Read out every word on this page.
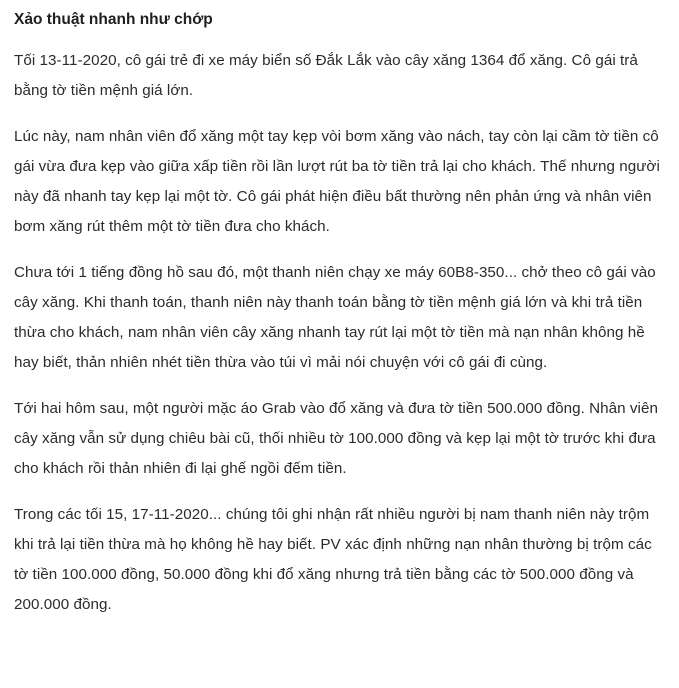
Xảo thuật nhanh như chớp

Tối 13-11-2020, cô gái trẻ đi xe máy biển số Đắk Lắk vào cây xăng 1364 đổ xăng. Cô gái trả bằng tờ tiền mệnh giá lớn.

Lúc này, nam nhân viên đổ xăng một tay kẹp vòi bơm xăng vào nách, tay còn lại cầm tờ tiền cô gái vừa đưa kẹp vào giữa xấp tiền rồi lần lượt rút ba tờ tiền trả lại cho khách. Thế nhưng người này đã nhanh tay kẹp lại một tờ. Cô gái phát hiện điều bất thường nên phản ứng và nhân viên bơm xăng rút thêm một tờ tiền đưa cho khách.

Chưa tới 1 tiếng đồng hồ sau đó, một thanh niên chạy xe máy 60B8-350... chở theo cô gái vào cây xăng. Khi thanh toán, thanh niên này thanh toán bằng tờ tiền mệnh giá lớn và khi trả tiền thừa cho khách, nam nhân viên cây xăng nhanh tay rút lại một tờ tiền mà nạn nhân không hề hay biết, thản nhiên nhét tiền thừa vào túi vì mải nói chuyện với cô gái đi cùng.

Tới hai hôm sau, một người mặc áo Grab vào đổ xăng và đưa tờ tiền 500.000 đồng. Nhân viên cây xăng vẫn sử dụng chiêu bài cũ, thối nhiều tờ 100.000 đồng và kẹp lại một tờ trước khi đưa cho khách rồi thản nhiên đi lại ghế ngồi đếm tiền.

Trong các tối 15, 17-11-2020... chúng tôi ghi nhận rất nhiều người bị nam thanh niên này trộm khi trả lại tiền thừa mà họ không hề hay biết. PV xác định những nạn nhân thường bị trộm các tờ tiền 100.000 đồng, 50.000 đồng khi đổ xăng nhưng trả tiền bằng các tờ 500.000 đồng và 200.000 đồng.
